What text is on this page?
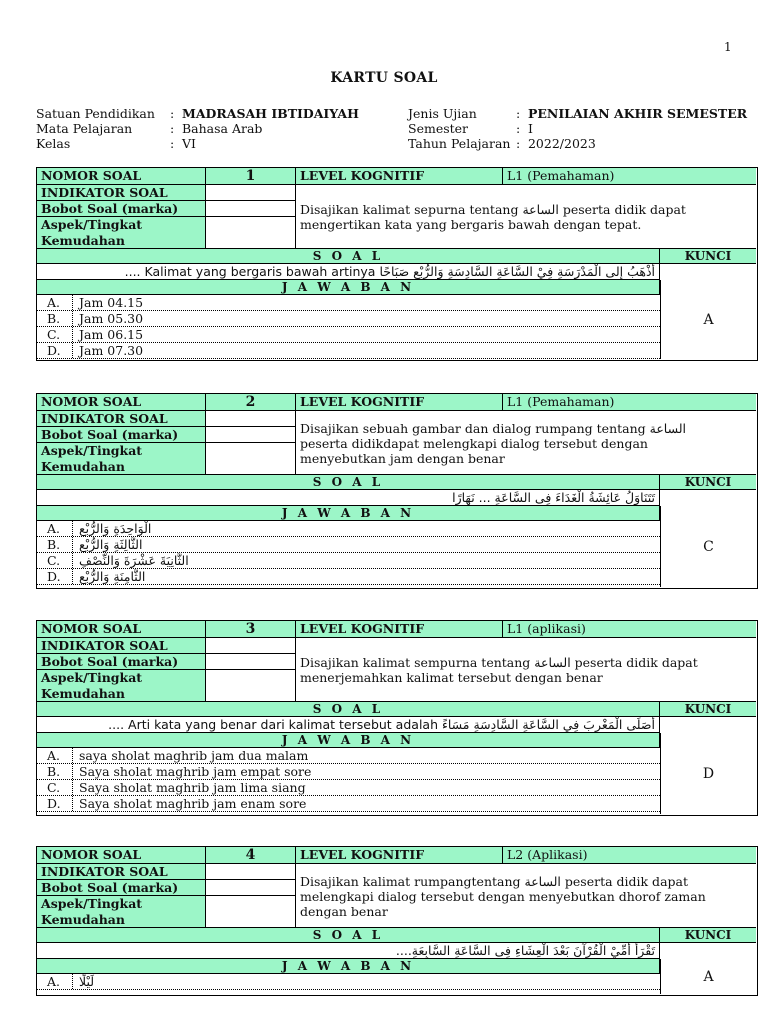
1
KARTU SOAL
Satuan Pendidikan : MADRASAH IBTIDAIYAH
Mata Pelajaran	: Bahasa Arab
Kelas	: VI
Jenis Ujian	: PENILAIAN AKHIR SEMESTER
Semester	: I
Tahun Pelajaran : 2022/2023
NOMOR SOAL	1	LEVEL KOGNITIF	L1 (Pemahaman)
INDIKATOR SOAL
Bobot Soal (marka)
Aspek/Tingkat
Kemudahan
Disajikan kalimat sepurna tentang الساعة peserta didik dapat
mengertikan kata yang bergaris bawah dengan tepat.
S O A L	KUNCI
أَذْهَبُ إِلى الْمَدْرَسَةِ فِيْ السَّاعَةِ السَّادِسَةِ وَالرُّبْعِ صَبَاحًا Kalimat yang bergaris bawah artinya ....
J A W A B A N
A
A.	Jam 04.15
B.	Jam 05.30
C.	Jam 06.15
D.	Jam 07.30
NOMOR SOAL	2	LEVEL KOGNITIF	L1 (Pemahaman)
INDIKATOR SOAL
Bobot Soal (marka)
Aspek/Tingkat
Kemudahan
Disajikan sebuah gambar dan dialog rumpang tentang الساعة
peserta didikdapat melengkapi dialog tersebut dengan
menyebutkan jam dengan benar
S O A L	KUNCI
تَتَنَاوَلُ عَائِشَةُ الْغَدَاءَ فِى السَّاعَةِ ... نَهَارًا
J A W A B A N
C
A.	الْوَاحِدَةِ وَالرُّبْعِ
B.	الثَّالِثَةِ وَالرُّبْعِ
C.	الثَّانِيَةَ عَشْرَةَ وَالنِّصْفِ
D.	الثَّامِنَةِ وَالرُّبْعِ
NOMOR SOAL	3	LEVEL KOGNITIF	L1 (aplikasi)
INDIKATOR SOAL
Bobot Soal (marka)
Aspek/Tingkat
Kemudahan
Disajikan kalimat sempurna tentang الساعة peserta didik dapat
menerjemahkan kalimat tersebut dengan benar
S O A L	KUNCI
أُصَلِّى الْمَغْرِبَ فِي السَّاعَةِ السَّادِسَةِ مَسَاءً Arti kata yang benar dari kalimat tersebut adalah ....
J A W A B A N
D
A.	saya sholat maghrib jam dua malam
B.	Saya sholat maghrib jam empat sore
C.	Saya sholat maghrib jam lima siang
D.	Saya sholat maghrib jam enam sore
NOMOR SOAL	4	LEVEL KOGNITIF	L2 (Aplikasi)
INDIKATOR SOAL
Bobot Soal (marka)
Aspek/Tingkat
Kemudahan
Disajikan kalimat rumpangtentang الساعة peserta didik dapat
melengkapi dialog tersebut dengan menyebutkan dhorof zaman
dengan benar
S O A L	KUNCI
تَقْرَأُ أُمِّيْ الْقُرْآنَ بَعْدَ الْعِشَاءِ فِى السَّاعَةِ السَّابِعَةِ....
J A W A B A N
A
A.	لَيْلًا
